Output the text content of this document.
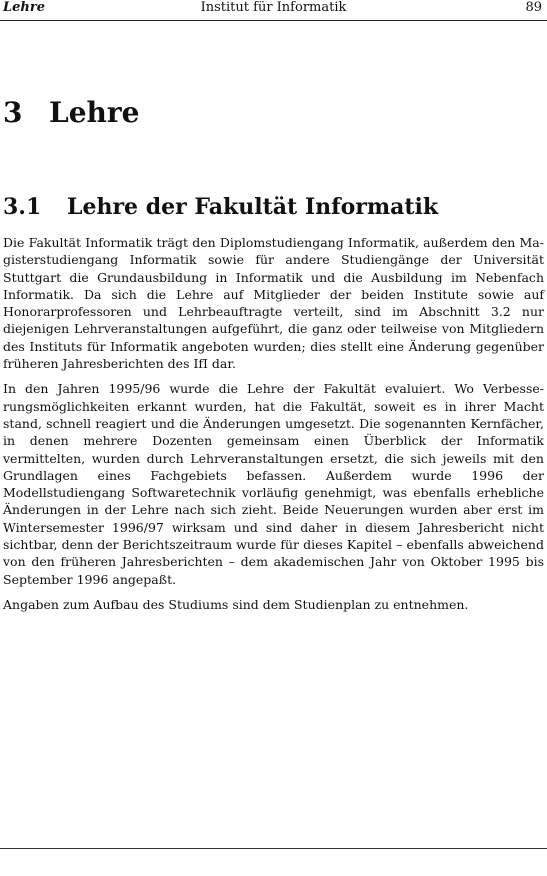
Lehre	Institut für Informatik	89
3 Lehre
3.1 Lehre der Fakultät Informatik

Die Fakultät Informatik trägt den Diplomstudiengang Informatik, außerdem den Magisterstudiengang Informatik sowie für andere Studiengänge der Universität Stuttgart die Grundausbildung in Informatik und die Ausbildung im Nebenfach Informatik. Da sich die Lehre auf Mitglieder der beiden Institute sowie auf Honorarprofessoren und Lehrbeauftragte verteilt, sind im Abschnitt 3.2 nur diejenigen Lehrveranstaltungen aufgeführt, die ganz oder teilweise von Mitgliedern des Instituts für Informatik angeboten wurden; dies stellt eine Änderung gegenüber früheren Jahresberichten des IfI dar.

In den Jahren 1995/96 wurde die Lehre der Fakultät evaluiert. Wo Verbesserungsmöglichkeiten erkannt wurden, hat die Fakultät, soweit es in ihrer Macht stand, schnell reagiert und die Änderungen umgesetzt. Die sogenannten Kernfächer, in denen mehrere Dozenten gemeinsam einen Überblick der Informatik vermittelten, wurden durch Lehrveranstaltungen ersetzt, die sich jeweils mit den Grundlagen eines Fachgebiets befassen. Außerdem wurde 1996 der Modellstudiengang Softwaretechnik vorläufig genehmigt, was ebenfalls erhebliche Änderungen in der Lehre nach sich zieht. Beide Neuerungen wurden aber erst im Wintersemester 1996/97 wirksam und sind daher in diesem Jahresbericht nicht sichtbar, denn der Berichtszeitraum wurde für dieses Kapitel – ebenfalls abweichend von den früheren Jahresberichten – dem akademischen Jahr von Oktober 1995 bis September 1996 angepaßt.

Angaben zum Aufbau des Studiums sind dem Studienplan zu entnehmen.
